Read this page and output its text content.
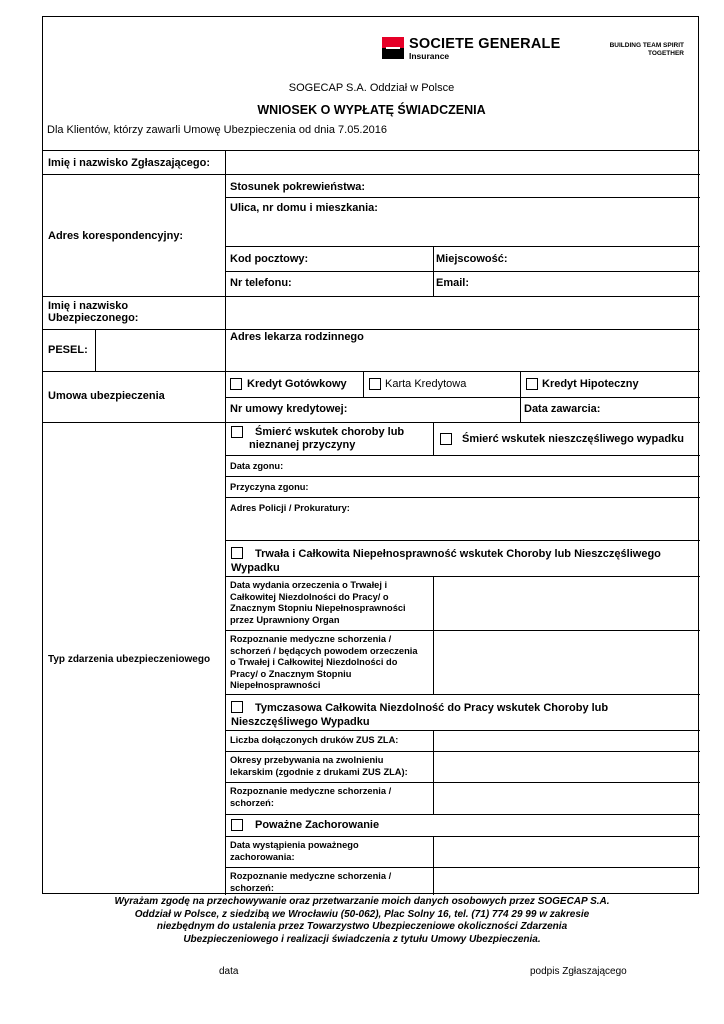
SOCIETE GENERALE
Insurance
BUILDING TEAM SPIRIT
TOGETHER
SOGECAP S.A. Oddział w Polsce
WNIOSEK O WYPŁATĘ ŚWIADCZENIA
Dla Klientów, którzy zawarli Umowę Ubezpieczenia od dnia 7.05.2016
Imię i nazwisko Zgłaszającego:
Adres korespondencyjny:
Stosunek pokrewieństwa:
Ulica, nr domu i mieszkania:
Kod pocztowy:	Miejscowość:
Nr telefonu:	Email:
Imię i nazwisko
Ubezpieczonego:
PESEL:
Adres lekarza rodzinnego
Umowa ubezpieczenia
Kredyt Gotówkowy	Karta Kredytowa	Kredyt Hipoteczny
Nr umowy kredytowej:	Data zawarcia:
Typ zdarzenia ubezpieczeniowego
Śmierć wskutek choroby lub
nieznanej przyczyny	Śmierć wskutek nieszczęśliwego wypadku
Data zgonu:
Przyczyna zgonu:
Adres Policji / Prokuratury:
Trwała i Całkowita Niepełnosprawność wskutek Choroby lub Nieszczęśliwego
Wypadku
Data wydania orzeczenia o Trwałej i
Całkowitej Niezdolności do Pracy/ o
Znacznym Stopniu Niepełnosprawności
przez Uprawniony Organ
Rozpoznanie medyczne schorzenia /
schorzeń / będących powodem orzeczenia
o Trwałej i Całkowitej Niezdolności do
Pracy/ o Znacznym Stopniu
Niepełnosprawności
Tymczasowa Całkowita Niezdolność do Pracy wskutek Choroby lub
Nieszczęśliwego Wypadku
Liczba dołączonych druków ZUS ZLA:
Okresy przebywania na zwolnieniu
lekarskim (zgodnie z drukami ZUS ZLA):
Rozpoznanie medyczne schorzenia /
schorzeń:
Poważne Zachorowanie
Data wystąpienia poważnego
zachorowania:
Rozpoznanie medyczne schorzenia /
schorzeń:
Wyrażam zgodę na przechowywanie oraz przetwarzanie moich danych osobowych przez SOGECAP S.A.
Oddział w Polsce, z siedzibą we Wrocławiu (50-062), Plac Solny 16, tel. (71) 774 29 99 w zakresie
niezbędnym do ustalenia przez Towarzystwo Ubezpieczeniowe okoliczności Zdarzenia
Ubezpieczeniowego i realizacji świadczenia z tytułu Umowy Ubezpieczenia.
data	podpis Zgłaszającego
